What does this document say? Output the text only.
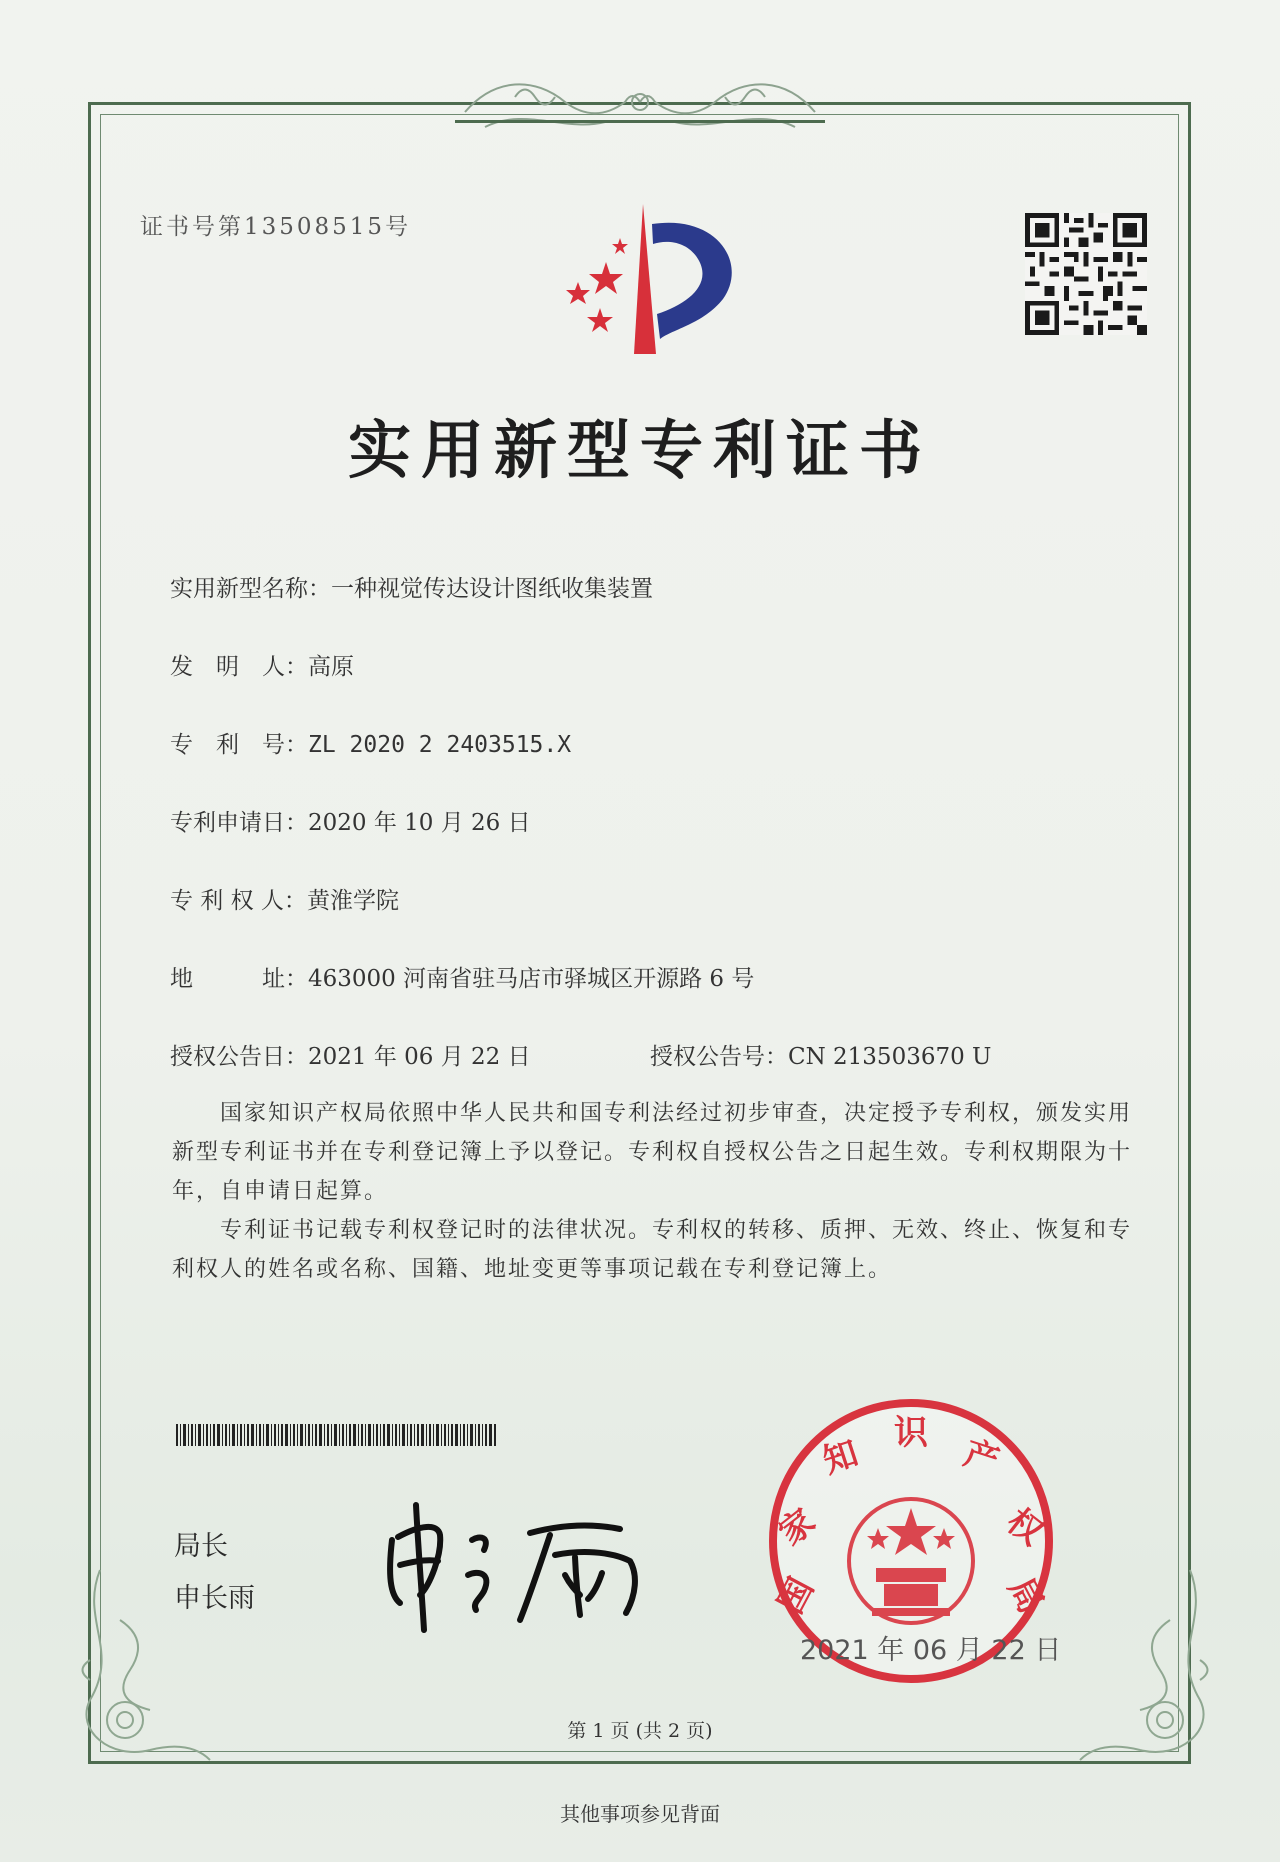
证书号第13508515号
实用新型专利证书
实用新型名称：一种视觉传达设计图纸收集装置
发　明　人：高原
专　利　号：ZL 2020 2 2403515.X
专利申请日：2020 年 10 月 26 日
专 利 权 人：黄淮学院
地　　　址：463000 河南省驻马店市驿城区开源路 6 号
授权公告日：2021 年 06 月 22 日	授权公告号：CN 213503670 U

国家知识产权局依照中华人民共和国专利法经过初步审查，决定授予专利权，颁发实用新型专利证书并在专利登记簿上予以登记。专利权自授权公告之日起生效。专利权期限为十年，自申请日起算。

专利证书记载专利权登记时的法律状况。专利权的转移、质押、无效、终止、恢复和专利权人的姓名或名称、国籍、地址变更等事项记载在专利登记簿上。

局长
申长雨	国
家
知
识
产
权
局
2021 年 06 月 22 日
第 1 页 (共 2 页)
其他事项参见背面
